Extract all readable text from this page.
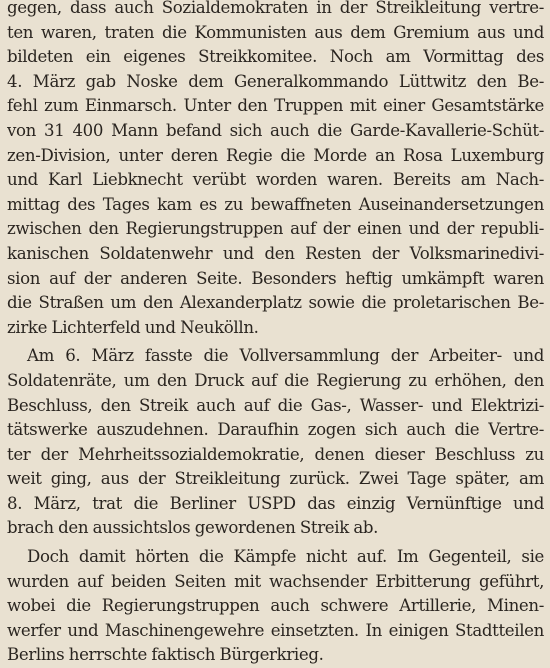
gegen, dass auch Sozialdemokraten in der Streikleitung vertre-
ten waren, traten die Kommunisten aus dem Gremium aus und
bildeten ein eigenes Streikkomitee. Noch am Vormittag des
4. März gab Noske dem Generalkommando Lüttwitz den Be-
fehl zum Einmarsch. Unter den Truppen mit einer Gesamtstärke
von 31 400 Mann befand sich auch die Garde-Kavallerie-Schüt-
zen-Division, unter deren Regie die Morde an Rosa Luxemburg
und Karl Liebknecht verübt worden waren. Bereits am Nach-
mittag des Tages kam es zu bewaffneten Auseinandersetzungen
zwischen den Regierungstruppen auf der einen und der republi-
kanischen Soldatenwehr und den Resten der Volksmarinedivi-
sion auf der anderen Seite. Besonders heftig umkämpft waren
die Straßen um den Alexanderplatz sowie die proletarischen Be-
zirke Lichterfeld und Neukölln.
Am 6. März fasste die Vollversammlung der Arbeiter- und
Soldatenräte, um den Druck auf die Regierung zu erhöhen, den
Beschluss, den Streik auch auf die Gas-, Wasser- und Elektrizi-
tätswerke auszudehnen. Daraufhin zogen sich auch die Vertre-
ter der Mehrheitssozialdemokratie, denen dieser Beschluss zu
weit ging, aus der Streikleitung zurück. Zwei Tage später, am
8. März, trat die Berliner USPD das einzig Vernünftige und
brach den aussichtslos gewordenen Streik ab.
Doch damit hörten die Kämpfe nicht auf. Im Gegenteil, sie
wurden auf beiden Seiten mit wachsender Erbitterung geführt,
wobei die Regierungstruppen auch schwere Artillerie, Minen-
werfer und Maschinengewehre einsetzten. In einigen Stadtteilen
Berlins herrschte faktisch Bürgerkrieg.
